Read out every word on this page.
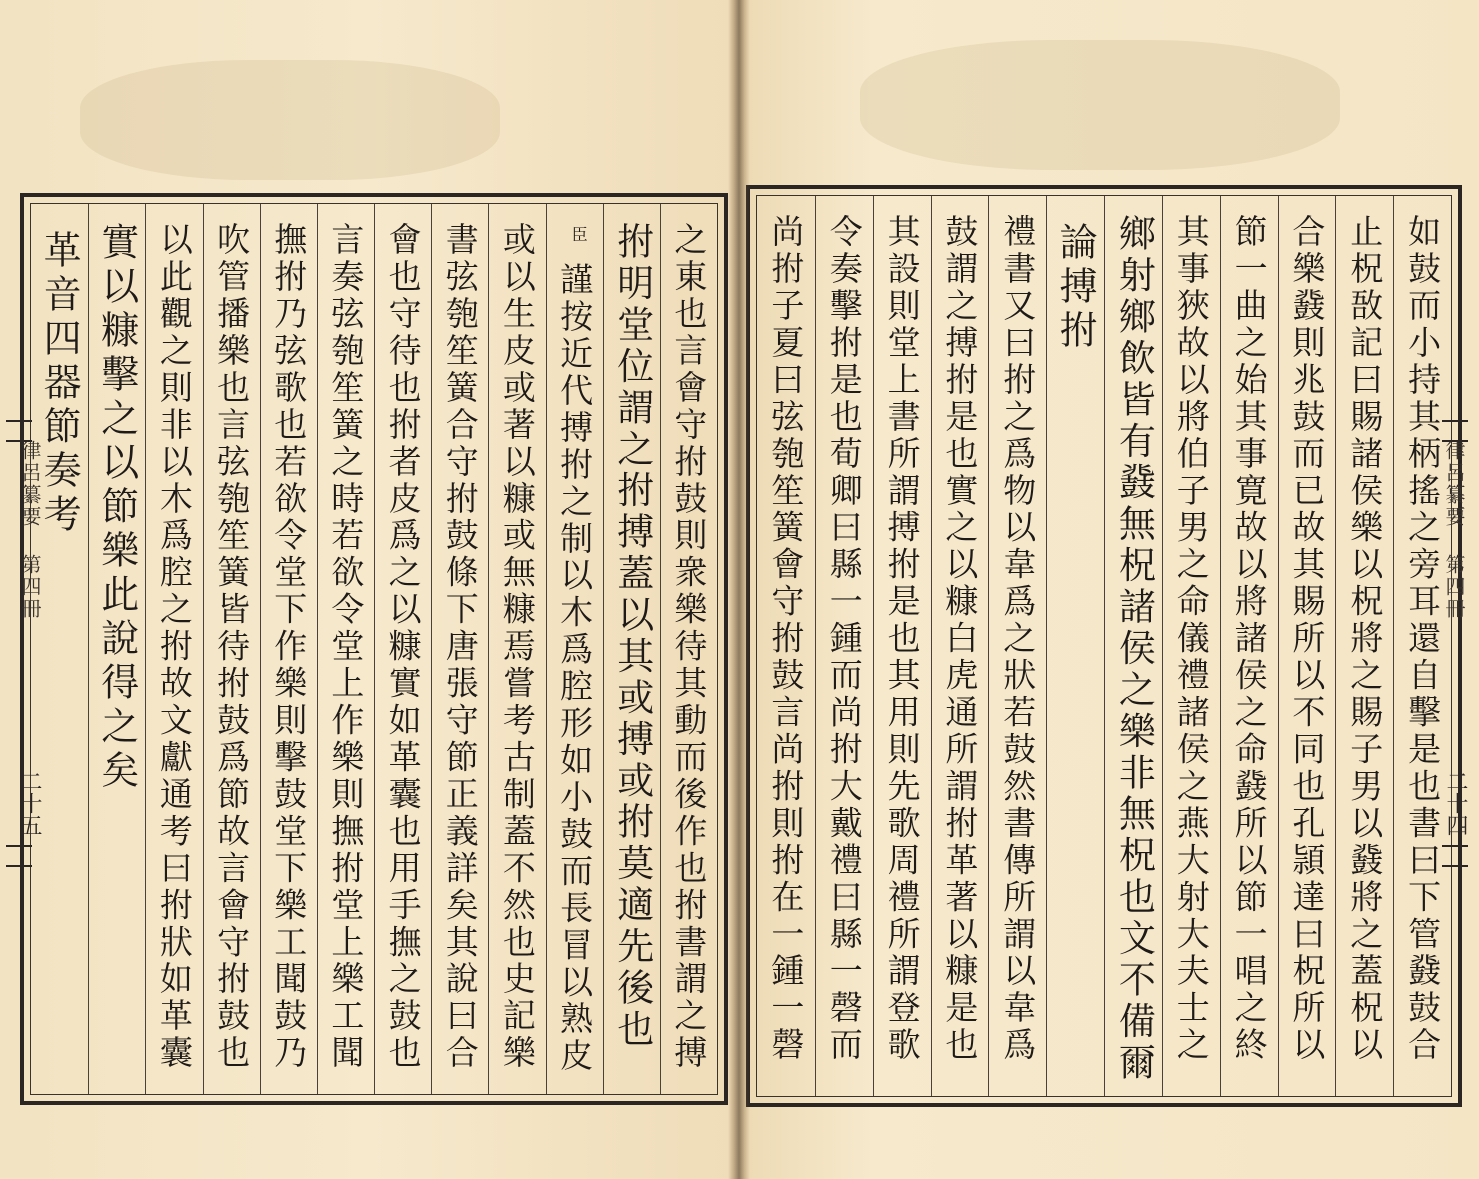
之東也言會守拊鼓則衆樂待其動而後作也拊書謂之搏
拊明堂位謂之拊搏蓋以其或搏或拊莫適先後也
謹按近代搏拊之制以木爲腔形如小鼓而長冒以熟皮
臣
或以生皮或著以糠或無糠焉嘗考古制蓋不然也史記樂
書弦匏笙簧合守拊鼓條下唐張守節正義詳矣其說曰合
會也守待也拊者皮爲之以糠實如革囊也用手撫之鼓也
言奏弦匏笙簧之時若欲令堂上作樂則撫拊堂上樂工聞
撫拊乃弦歌也若欲令堂下作樂則擊鼓堂下樂工聞鼓乃
吹管播樂也言弦匏笙簧皆待拊鼓爲節故言會守拊鼓也
以此觀之則非以木爲腔之拊故文獻通考曰拊狀如革囊
實以糠擊之以節樂此說得之矣
革音四器節奏考
律呂纂要 第四冊
二十五	如鼓而小持其柄搖之旁耳還自擊是也書曰下管鼗鼓合
止柷敔記曰賜諸侯樂以柷將之賜子男以鼗將之蓋柷以
合樂鼗則兆鼓而已故其賜所以不同也孔頴達曰柷所以
節一曲之始其事寛故以將諸侯之命鼗所以節一唱之終
其事狹故以將伯子男之命儀禮諸侯之燕大射大夫士之
鄉射鄉飲皆有鼗無柷諸侯之樂非無柷也文不備爾
論搏拊
禮書又曰拊之爲物以韋爲之狀若鼓然書傳所謂以韋爲
鼓謂之搏拊是也實之以糠白虎通所謂拊革著以糠是也
其設則堂上書所謂搏拊是也其用則先歌周禮所謂登歌
令奏擊拊是也荀卿曰縣一鍾而尚拊大戴禮曰縣一磬而
尚拊子夏曰弦匏笙簧會守拊鼓言尚拊則拊在一鍾一磬	律呂纂要 第四冊
二十四
